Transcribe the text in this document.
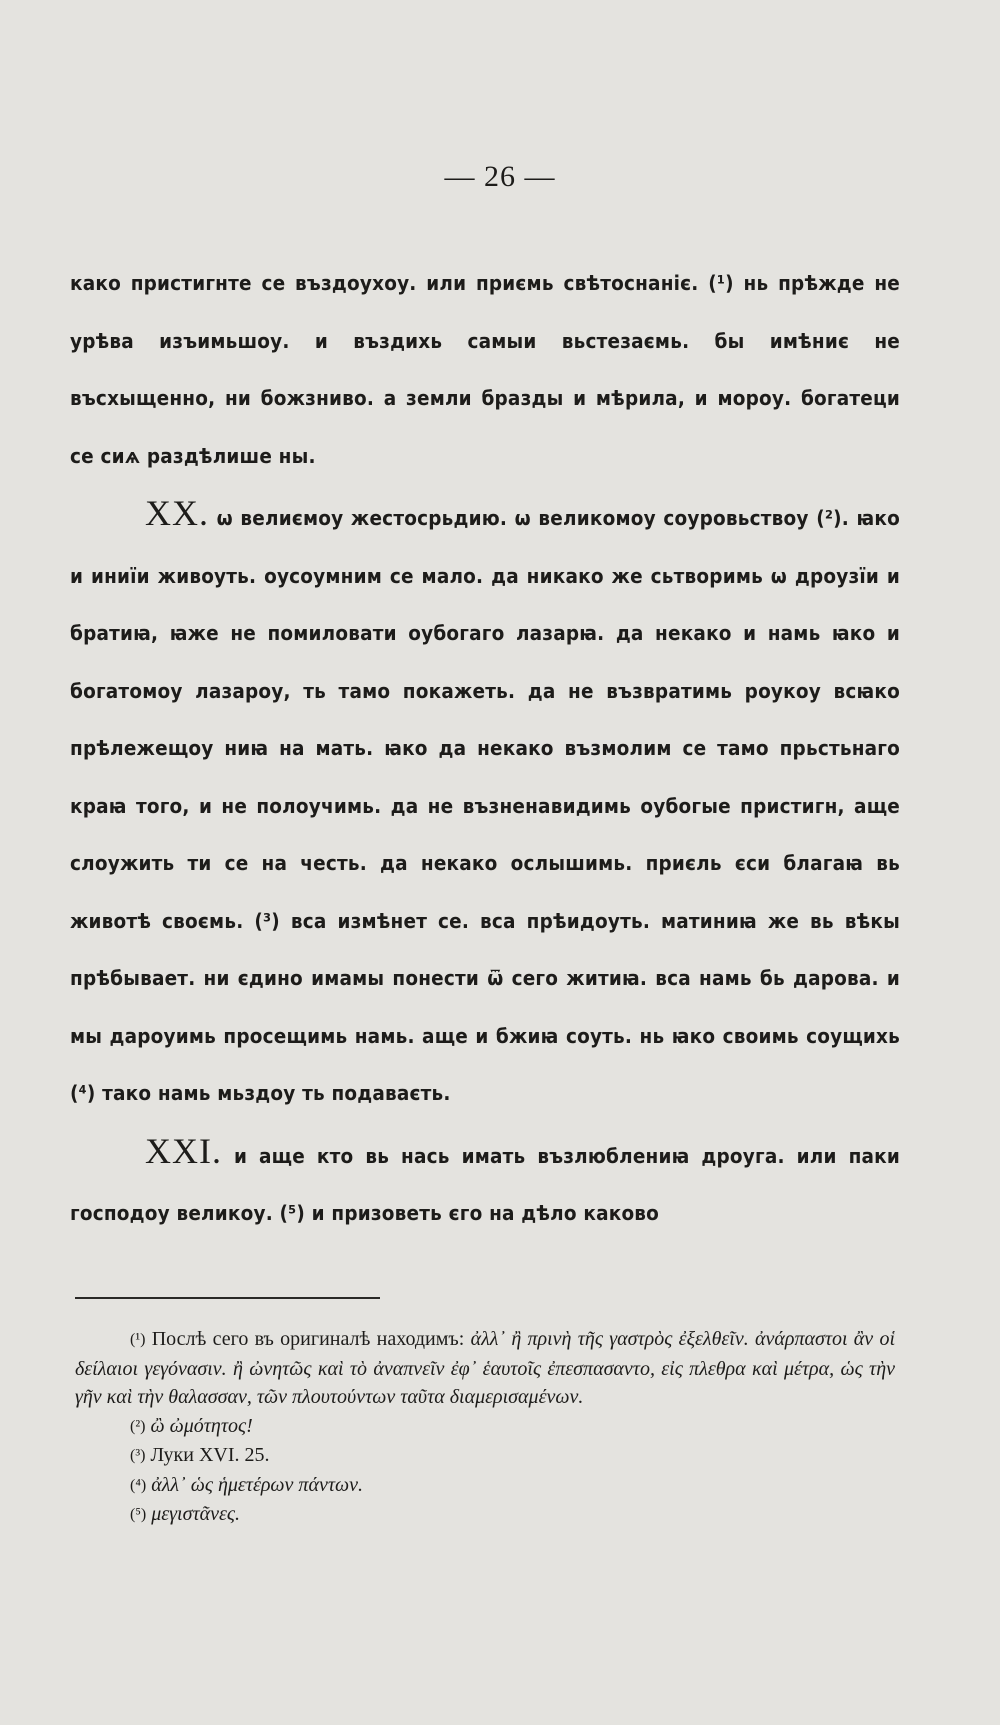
— 26 —

како пристигнте се въздоухоу. или приємь свѣтоснаніє. (¹) нь прѣжде не урѣва изъимьшоу. и въздихь самыи вьстезаємь. бы имѣниє не въсхыщенно, ни божзниво. а земли бразды и мѣрила, и мороу. богатеци се сиѧ раздѣлише ны.

XX. ѡ велиємоу жестосрьдию. ѡ великомоу соуровьствоу (²). ꙗко и иниїи живоуть. оусоумним се мало. да никако же сьтворимь ѡ дроузїи и братиꙗ, ꙗже не помиловати оубогаго лазарꙗ. да некако и намь ꙗко и богатомоу лазароу, ть тамо покажеть. да не възвратимь роукоу всꙗко прѣлежещоу ниꙗ на мать. ꙗко да некако възмолим се тамо прьстьнаго краꙗ того, и не полоучимь. да не възненавидимь оубогые пристигн, аще слоужить ти се на честь. да некако ослышимь. приєль єси благаꙗ вь животѣ своємь. (³) вса измѣнет се. вса прѣидоуть. матиниꙗ же вь вѣкы прѣбывает. ни єдино имамы понести ѿ сего житиꙗ. вса намь бь дарова. и мы дароуимь просещимь намь. аще и бжиꙗ соуть. нь ꙗко своимь соущихь (⁴) тако намь мьздоу ть подаваєть.

XXI. и аще кто вь нась имать възлюблениꙗ дроуга. или паки господоу великоу. (⁵) и призоветь єго на дѣло каково

(¹) Послѣ сего въ оригиналѣ находимъ: ἀλλ᾽ ἢ πρινὴ τῆς γαστρὸς ἐξελθεῖν. ἀνάρπαστοι ἂν οἱ δείλαιοι γεγόνασιν. ἢ ὠνητῶς καὶ τὸ ἀναπνεῖν ἐφ᾽ ἑαυτοῖς ἐπεσπασαντο, εἰς πλεθρα καὶ μέτρα, ὡς τὴν γῆν καὶ τὴν θαλασσαν, τῶν πλουτούντων ταῦτα διαμερισαμένων.

(²) ὢ ὠμότητος!

(³) Луки XVI. 25.

(⁴) ἀλλ᾽ ὡς ἡμετέρων πάντων.

(⁵) μεγιστᾶνες.
